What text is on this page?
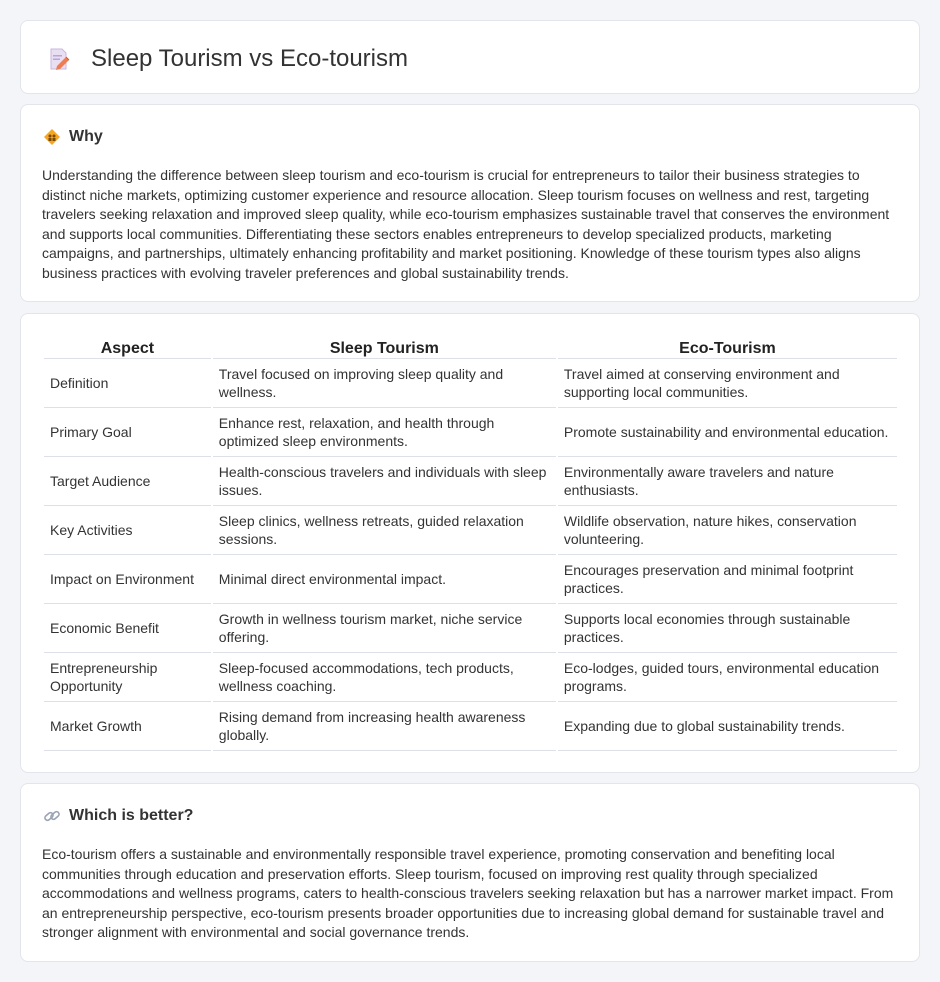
Sleep Tourism vs Eco-tourism
Why

Understanding the difference between sleep tourism and eco-tourism is crucial for entrepreneurs to tailor their business strategies to distinct niche markets, optimizing customer experience and resource allocation. Sleep tourism focuses on wellness and rest, targeting travelers seeking relaxation and improved sleep quality, while eco-tourism emphasizes sustainable travel that conserves the environment and supports local communities. Differentiating these sectors enables entrepreneurs to develop specialized products, marketing campaigns, and partnerships, ultimately enhancing profitability and market positioning. Knowledge of these tourism types also aligns business practices with evolving traveler preferences and global sustainability trends.

Aspect	Sleep Tourism	Eco-Tourism
Definition	Travel focused on improving sleep quality and wellness.	Travel aimed at conserving environment and supporting local communities.
Primary Goal	Enhance rest, relaxation, and health through optimized sleep environments.	Promote sustainability and environmental education.
Target Audience	Health-conscious travelers and individuals with sleep issues.	Environmentally aware travelers and nature enthusiasts.
Key Activities	Sleep clinics, wellness retreats, guided relaxation sessions.	Wildlife observation, nature hikes, conservation volunteering.
Impact on Environment	Minimal direct environmental impact.	Encourages preservation and minimal footprint practices.
Economic Benefit	Growth in wellness tourism market, niche service offering.	Supports local economies through sustainable practices.
Entrepreneurship Opportunity	Sleep-focused accommodations, tech products, wellness coaching.	Eco-lodges, guided tours, environmental education programs.
Market Growth	Rising demand from increasing health awareness globally.	Expanding due to global sustainability trends.
Which is better?

Eco-tourism offers a sustainable and environmentally responsible travel experience, promoting conservation and benefiting local communities through education and preservation efforts. Sleep tourism, focused on improving rest quality through specialized accommodations and wellness programs, caters to health-conscious travelers seeking relaxation but has a narrower market impact. From an entrepreneurship perspective, eco-tourism presents broader opportunities due to increasing global demand for sustainable travel and stronger alignment with environmental and social governance trends.
